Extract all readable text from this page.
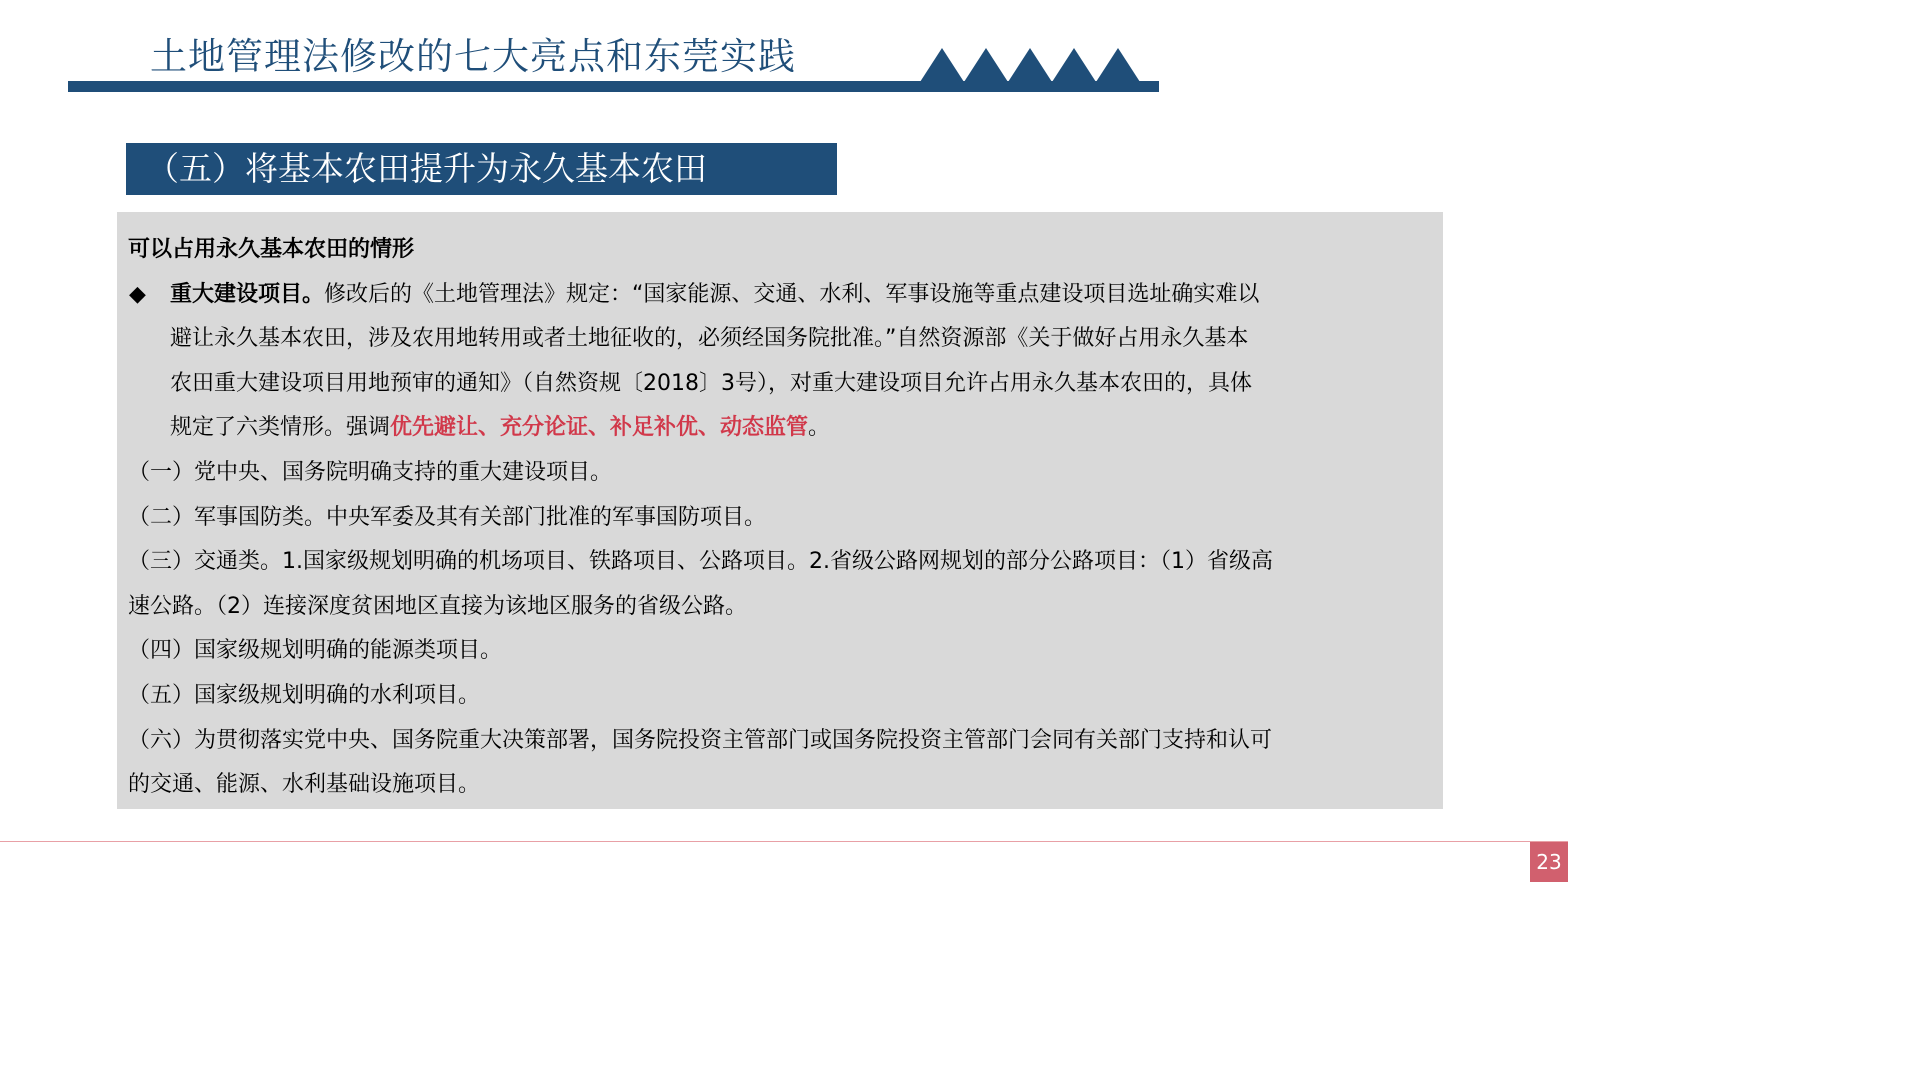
土地管理法修改的七大亮点和东莞实践
（五）将基本农田提升为永久基本农田

可以占用永久基本农田的情形

◆ 重大建设项目。修改后的《土地管理法》规定：“国家能源、交通、水利、军事设施等重点建设项目选址确实难以

避让永久基本农田，涉及农用地转用或者土地征收的，必须经国务院批准。”自然资源部《关于做好占用永久基本

农田重大建设项目用地预审的通知》（自然资规〔2018〕3号），对重大建设项目允许占用永久基本农田的，具体

规定了六类情形。强调优先避让、充分论证、补足补优、动态监管。

（一）党中央、国务院明确支持的重大建设项目。

（二）军事国防类。中央军委及其有关部门批准的军事国防项目。

（三）交通类。1.国家级规划明确的机场项目、铁路项目、公路项目。2.省级公路网规划的部分公路项目：（1）省级高

速公路。（2）连接深度贫困地区直接为该地区服务的省级公路。

（四）国家级规划明确的能源类项目。

（五）国家级规划明确的水利项目。

（六）为贯彻落实党中央、国务院重大决策部署，国务院投资主管部门或国务院投资主管部门会同有关部门支持和认可

的交通、能源、水利基础设施项目。

23
